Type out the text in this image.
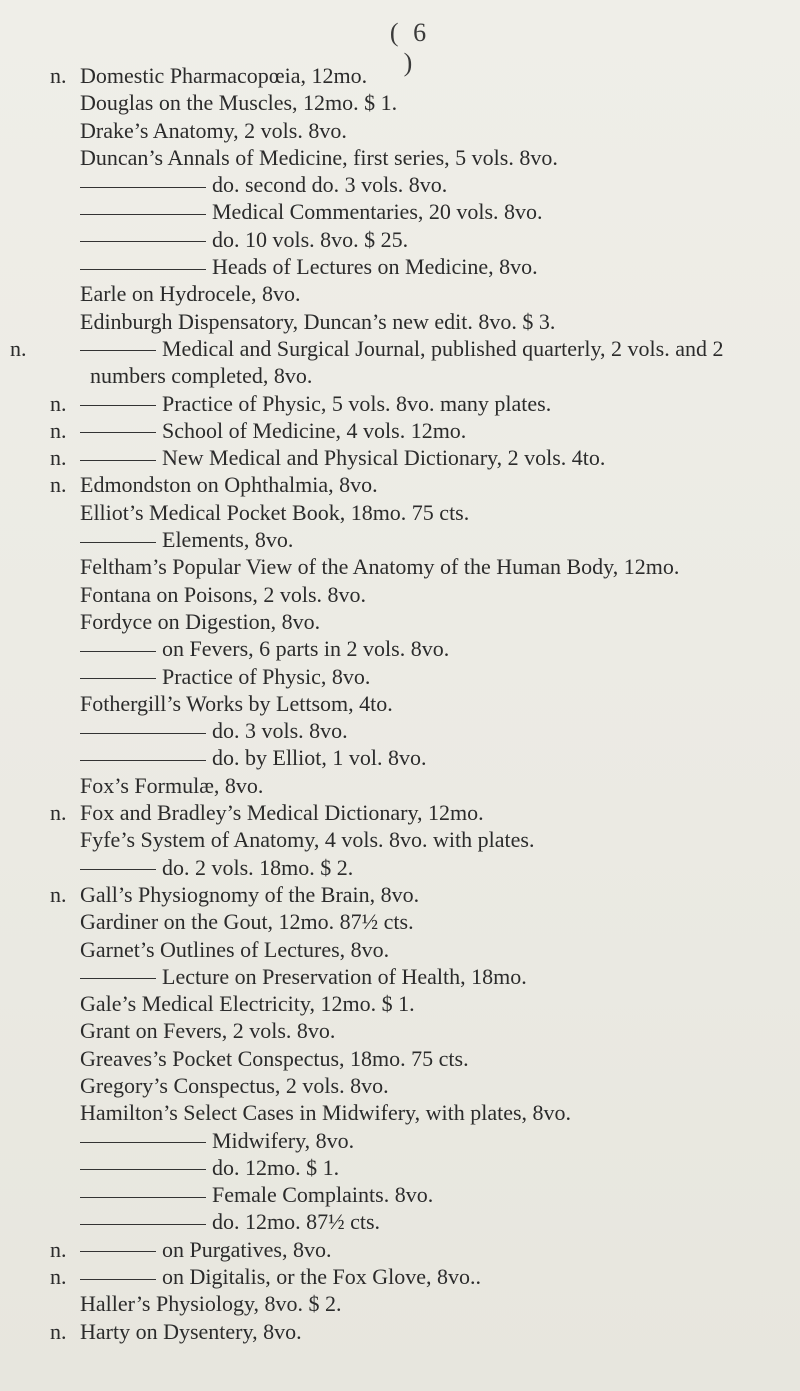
( 6 )
n. Domestic Pharmacopœia, 12mo.
Douglas on the Muscles, 12mo. $ 1.
Drake’s Anatomy, 2 vols. 8vo.
Duncan’s Annals of Medicine, first series, 5 vols. 8vo.
do. second do. 3 vols. 8vo.
Medical Commentaries, 20 vols. 8vo.
do. 10 vols. 8vo. $ 25.
Heads of Lectures on Medicine, 8vo.
Earle on Hydrocele, 8vo.
Edinburgh Dispensatory, Duncan’s new edit. 8vo. $ 3.
n.	Medical and Surgical Journal, published quarterly, 2 vols. and 2 numbers completed, 8vo.
n.	Practice of Physic, 5 vols. 8vo. many plates.
n.	School of Medicine, 4 vols. 12mo.
n.	New Medical and Physical Dictionary, 2 vols. 4to.
n. Edmondston on Ophthalmia, 8vo.
Elliot’s Medical Pocket Book, 18mo. 75 cts.
Elements, 8vo.
Feltham’s Popular View of the Anatomy of the Human Body, 12mo.
Fontana on Poisons, 2 vols. 8vo.
Fordyce on Digestion, 8vo.
on Fevers, 6 parts in 2 vols. 8vo.
Practice of Physic, 8vo.
Fothergill’s Works by Lettsom, 4to.
do. 3 vols. 8vo.
do. by Elliot, 1 vol. 8vo.
Fox’s Formulæ, 8vo.
n. Fox and Bradley’s Medical Dictionary, 12mo.
Fyfe’s System of Anatomy, 4 vols. 8vo. with plates.
do. 2 vols. 18mo. $ 2.
n. Gall’s Physiognomy of the Brain, 8vo.
Gardiner on the Gout, 12mo. 87½ cts.
Garnet’s Outlines of Lectures, 8vo.
Lecture on Preservation of Health, 18mo.
Gale’s Medical Electricity, 12mo. $ 1.
Grant on Fevers, 2 vols. 8vo.
Greaves’s Pocket Conspectus, 18mo. 75 cts.
Gregory’s Conspectus, 2 vols. 8vo.
Hamilton’s Select Cases in Midwifery, with plates, 8vo.
Midwifery, 8vo.
do. 12mo. $ 1.
Female Complaints. 8vo.
do. 12mo. 87½ cts.
n.	on Purgatives, 8vo.
n.	on Digitalis, or the Fox Glove, 8vo..
Haller’s Physiology, 8vo. $ 2.
n. Harty on Dysentery, 8vo.
